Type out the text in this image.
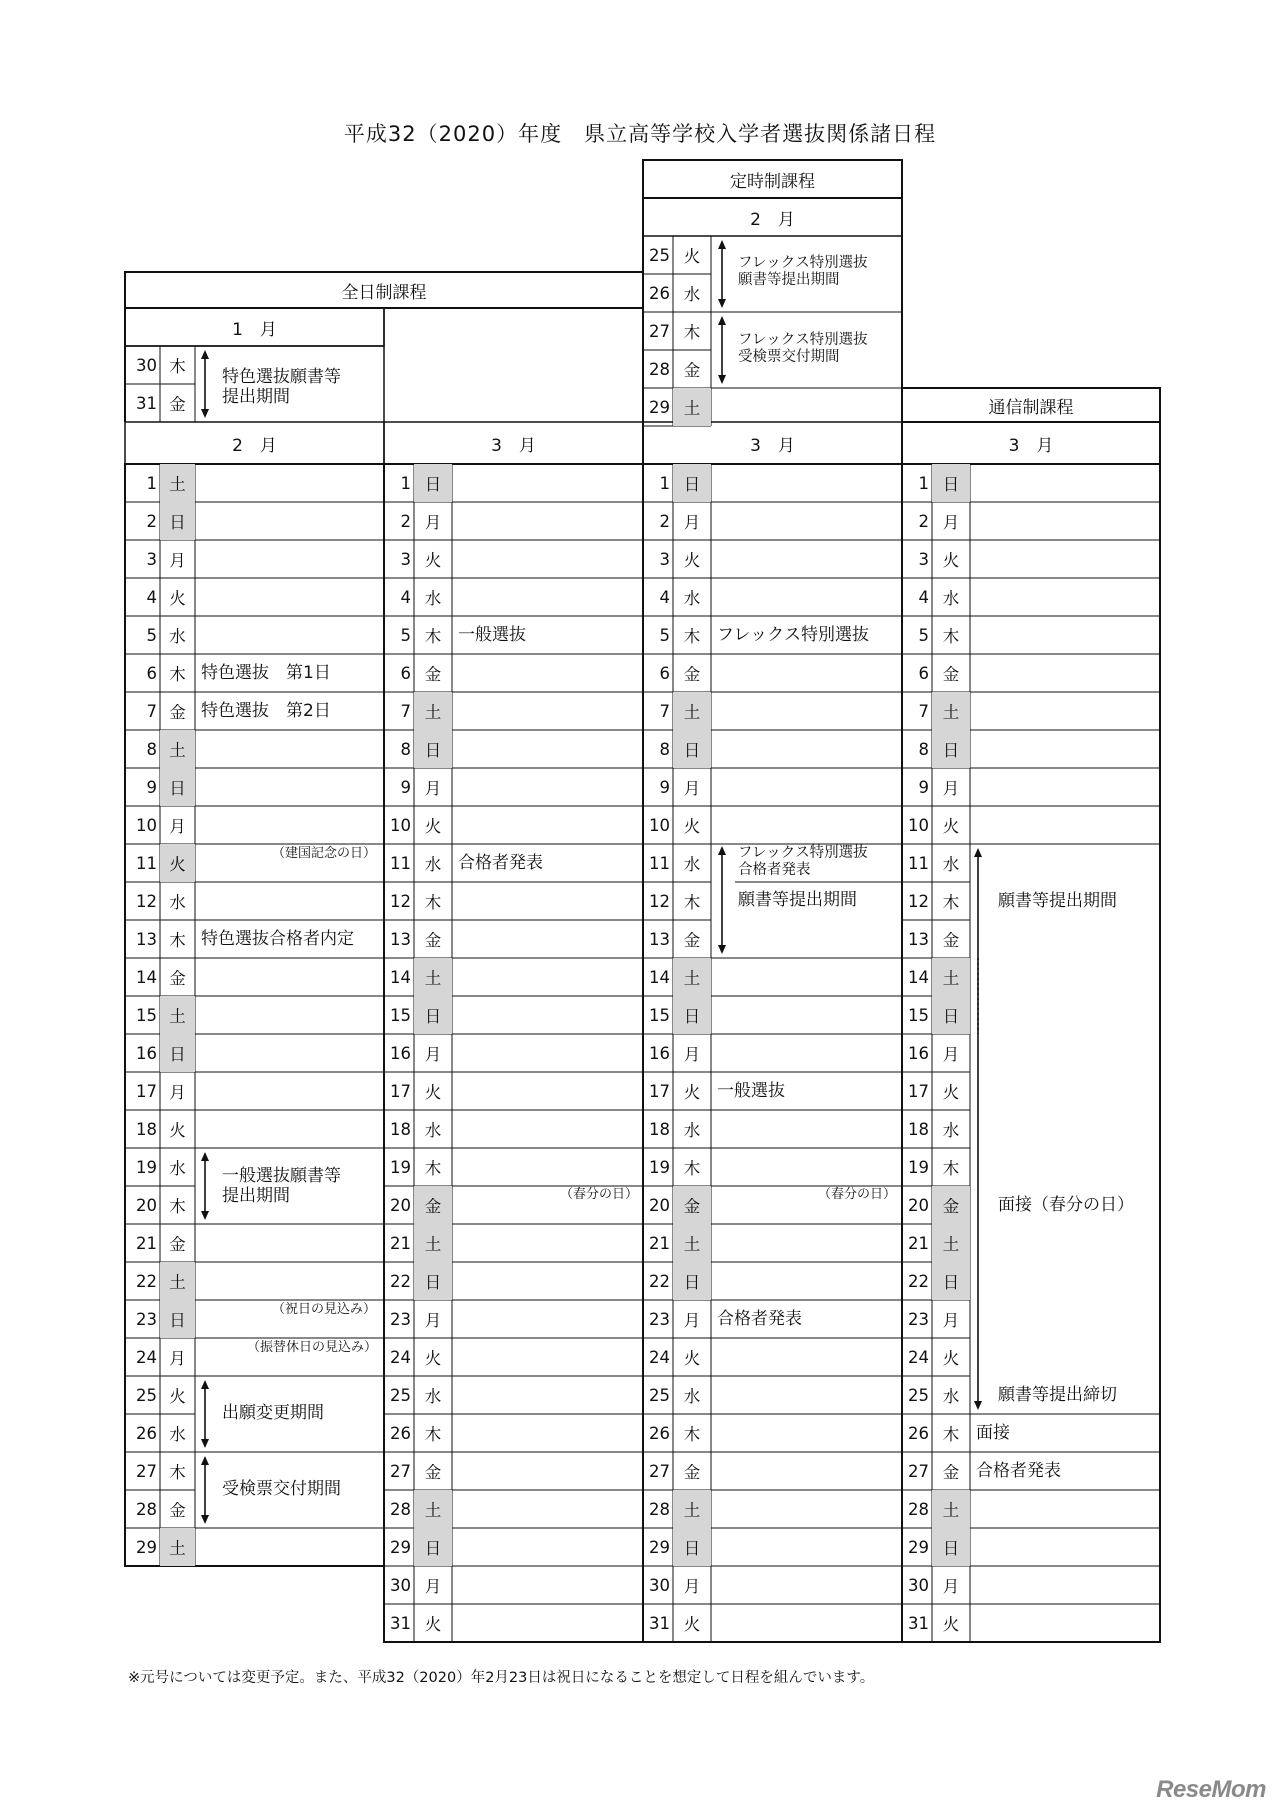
平成32（2020）年度　県立高等学校入学者選抜関係諸日程
1 土
2 日
3 月
4 火
5 水
6 木
7 金
8 土
9 日
10 月
11 火
12 水
13 木
14 金
15 土
16 日
17 月
18 火
19 水
20 木
21 金
22 土
23 日
24 月
25 火
26 水
27 木
28 金
29 土
1 日
2 月
3 火
4 水
5 木
6 金
7 土
8 日
9 月
10 火
11 水
12 木
13 金
14 土
15 日
16 月
17 火
18 水
19 木
20 金
21 土
22 日
23 月
24 火
25 水
26 木
27 金
28 土
29 日
30 月
31 火
1 日
2 月
3 火
4 水
5 木
6 金
7 土
8 日
9 月
10 火
11 水
12 木
13 金
14 土
15 日
16 月
17 火
18 水
19 木
20 金
21 土
22 日
23 月
24 火
25 水
26 木
27 金
28 土
29 日
30 月
31 火
1 日
2 月
3 火
4 水
5 木
6 金
7 土
8 日
9 月
10 火
11 水
12 木
13 金
14 土
15 日
16 月
17 火
18 水
19 木
20 金
21 土
22 日
23 月
24 火
25 水
26 木
27 金
28 土
29 日
30 月
31 火
全日制課程
1　月
30 木
31 金
特色選抜願書等
提出期間
2　月	3　月
定時制課程
2　月
25 火
26 水
27 木
28 金
29 土
フレックス特別選抜
願書等提出期間
フレックス特別選抜
受検票交付期間
3　月
通信制課程
3　月
特色選抜　第1日
特色選抜　第2日
（建国記念の日）
特色選抜合格者内定
一般選抜願書等
提出期間
（祝日の見込み）
（振替休日の見込み）
出願変更期間
受検票交付期間
一般選抜
合格者発表
（春分の日）
フレックス特別選抜
フレックス特別選抜
合格者発表
願書等提出期間
一般選抜
（春分の日）
合格者発表
願書等提出期間
面接（春分の日）
願書等提出締切
面接
合格者発表
※元号については変更予定。また、平成32（2020）年2月23日は祝日になることを想定して日程を組んでいます。
ReseMom
